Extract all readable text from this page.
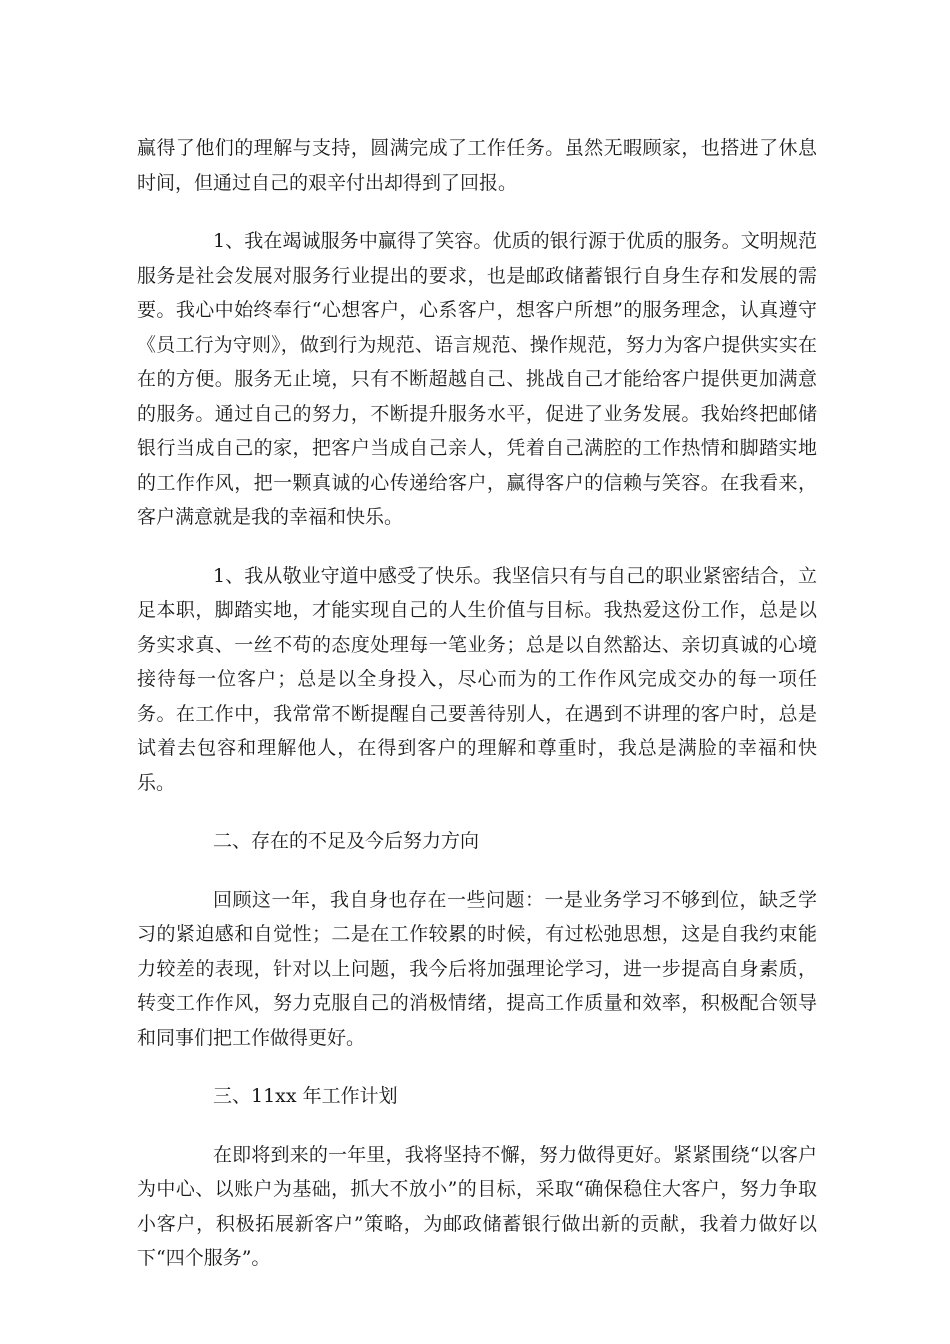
赢得了他们的理解与支持，圆满完成了工作任务。虽然无暇顾家，也搭进了休息时间，但通过自己的艰辛付出却得到了回报。

1、我在竭诚服务中赢得了笑容。优质的银行源于优质的服务。文明规范服务是社会发展对服务行业提出的要求，也是邮政储蓄银行自身生存和发展的需要。我心中始终奉行“心想客户，心系客户，想客户所想”的服务理念，认真遵守《员工行为守则》，做到行为规范、语言规范、操作规范，努力为客户提供实实在在的方便。服务无止境，只有不断超越自己、挑战自己才能给客户提供更加满意的服务。通过自己的努力，不断提升服务水平，促进了业务发展。我始终把邮储银行当成自己的家，把客户当成自己亲人，凭着自己满腔的工作热情和脚踏实地的工作作风，把一颗真诚的心传递给客户，赢得客户的信赖与笑容。在我看来，客户满意就是我的幸福和快乐。

1、我从敬业守道中感受了快乐。我坚信只有与自己的职业紧密结合，立足本职，脚踏实地，才能实现自己的人生价值与目标。我热爱这份工作，总是以务实求真、一丝不苟的态度处理每一笔业务；总是以自然豁达、亲切真诚的心境接待每一位客户；总是以全身投入，尽心而为的工作作风完成交办的每一项任务。在工作中，我常常不断提醒自己要善待别人，在遇到不讲理的客户时，总是试着去包容和理解他人，在得到客户的理解和尊重时，我总是满脸的幸福和快乐。

二、存在的不足及今后努力方向

回顾这一年，我自身也存在一些问题：一是业务学习不够到位，缺乏学习的紧迫感和自觉性；二是在工作较累的时候，有过松弛思想，这是自我约束能力较差的表现，针对以上问题，我今后将加强理论学习，进一步提高自身素质，转变工作作风，努力克服自己的消极情绪，提高工作质量和效率，积极配合领导和同事们把工作做得更好。

三、11xx 年工作计划

在即将到来的一年里，我将坚持不懈，努力做得更好。紧紧围绕“以客户为中心、以账户为基础，抓大不放小”的目标，采取“确保稳住大客户，努力争取小客户，积极拓展新客户”策略，为邮政储蓄银行做出新的贡献，我着力做好以下“四个服务”。
